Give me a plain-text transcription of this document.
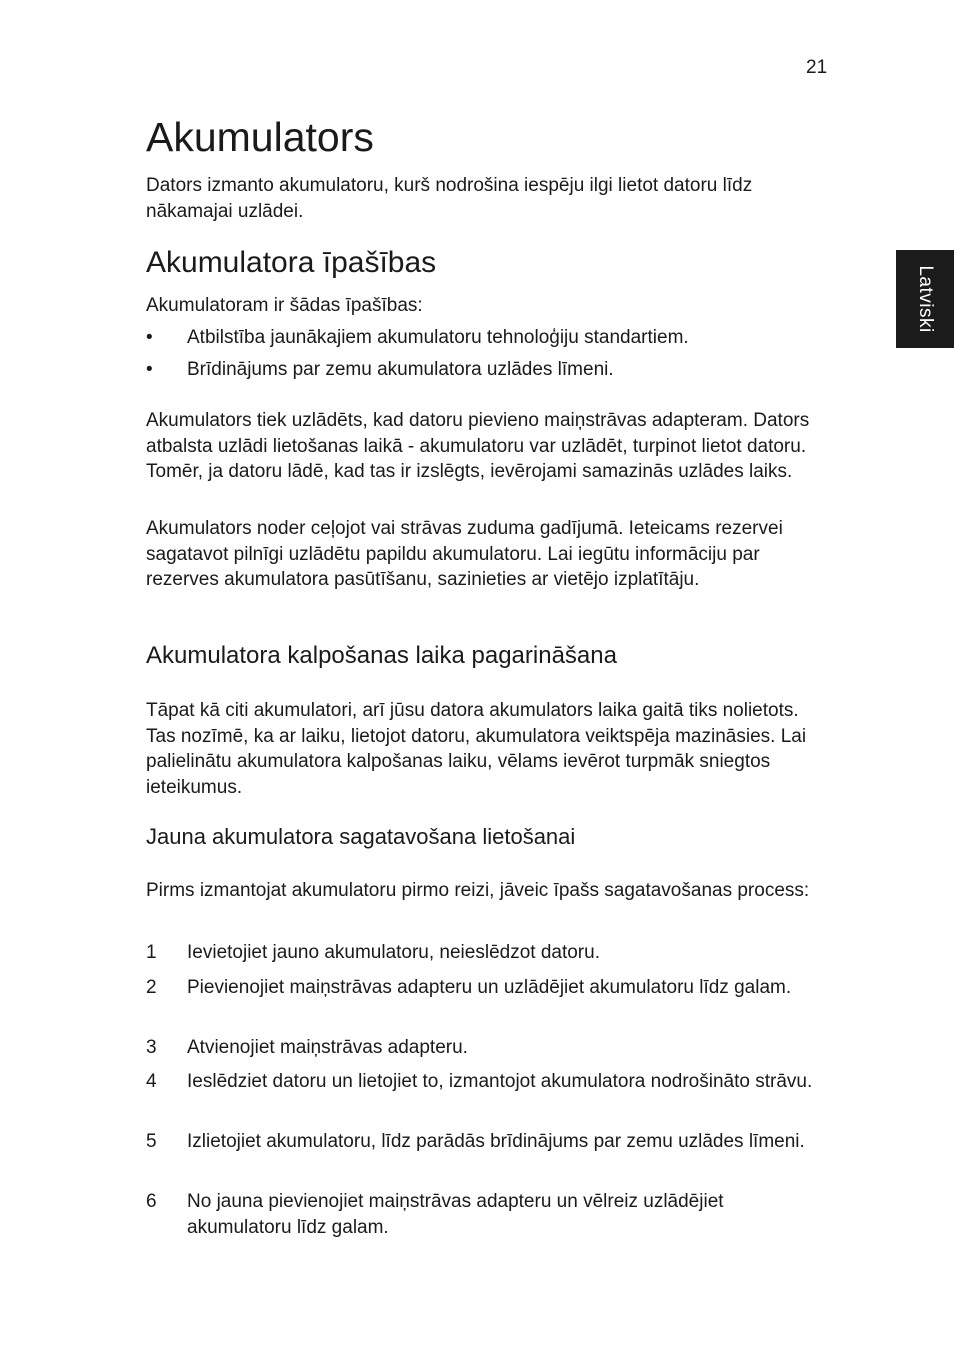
21
Latviski
Akumulators

Dators izmanto akumulatoru, kurš nodrošina iespēju ilgi lietot datoru līdz nākamajai uzlādei.

Akumulatora īpašības

Akumulatoram ir šādas īpašības:

• Atbilstība jaunākajiem akumulatoru tehnoloģiju standartiem.
• Brīdinājums par zemu akumulatora uzlādes līmeni.

Akumulators tiek uzlādēts, kad datoru pievieno maiņstrāvas adapteram. Dators atbalsta uzlādi lietošanas laikā - akumulatoru var uzlādēt, turpinot lietot datoru. Tomēr, ja datoru lādē, kad tas ir izslēgts, ievērojami samazinās uzlādes laiks.

Akumulators noder ceļojot vai strāvas zuduma gadījumā. Ieteicams rezervei sagatavot pilnīgi uzlādētu papildu akumulatoru. Lai iegūtu informāciju par rezerves akumulatora pasūtīšanu, sazinieties ar vietējo izplatītāju.

Akumulatora kalpošanas laika pagarināšana

Tāpat kā citi akumulatori, arī jūsu datora akumulators laika gaitā tiks nolietots. Tas nozīmē, ka ar laiku, lietojot datoru, akumulatora veiktspēja mazināsies. Lai palielinātu akumulatora kalpošanas laiku, vēlams ievērot turpmāk sniegtos ieteikumus.

Jauna akumulatora sagatavošana lietošanai

Pirms izmantojat akumulatoru pirmo reizi, jāveic īpašs sagatavošanas process:

1 Ievietojiet jauno akumulatoru, neieslēdzot datoru.
2 Pievienojiet maiņstrāvas adapteru un uzlādējiet akumulatoru līdz galam.
3 Atvienojiet maiņstrāvas adapteru.
4 Ieslēdziet datoru un lietojiet to, izmantojot akumulatora nodrošināto strāvu.
5 Izlietojiet akumulatoru, līdz parādās brīdinājums par zemu uzlādes līmeni.
6 No jauna pievienojiet maiņstrāvas adapteru un vēlreiz uzlādējiet akumulatoru līdz galam.
